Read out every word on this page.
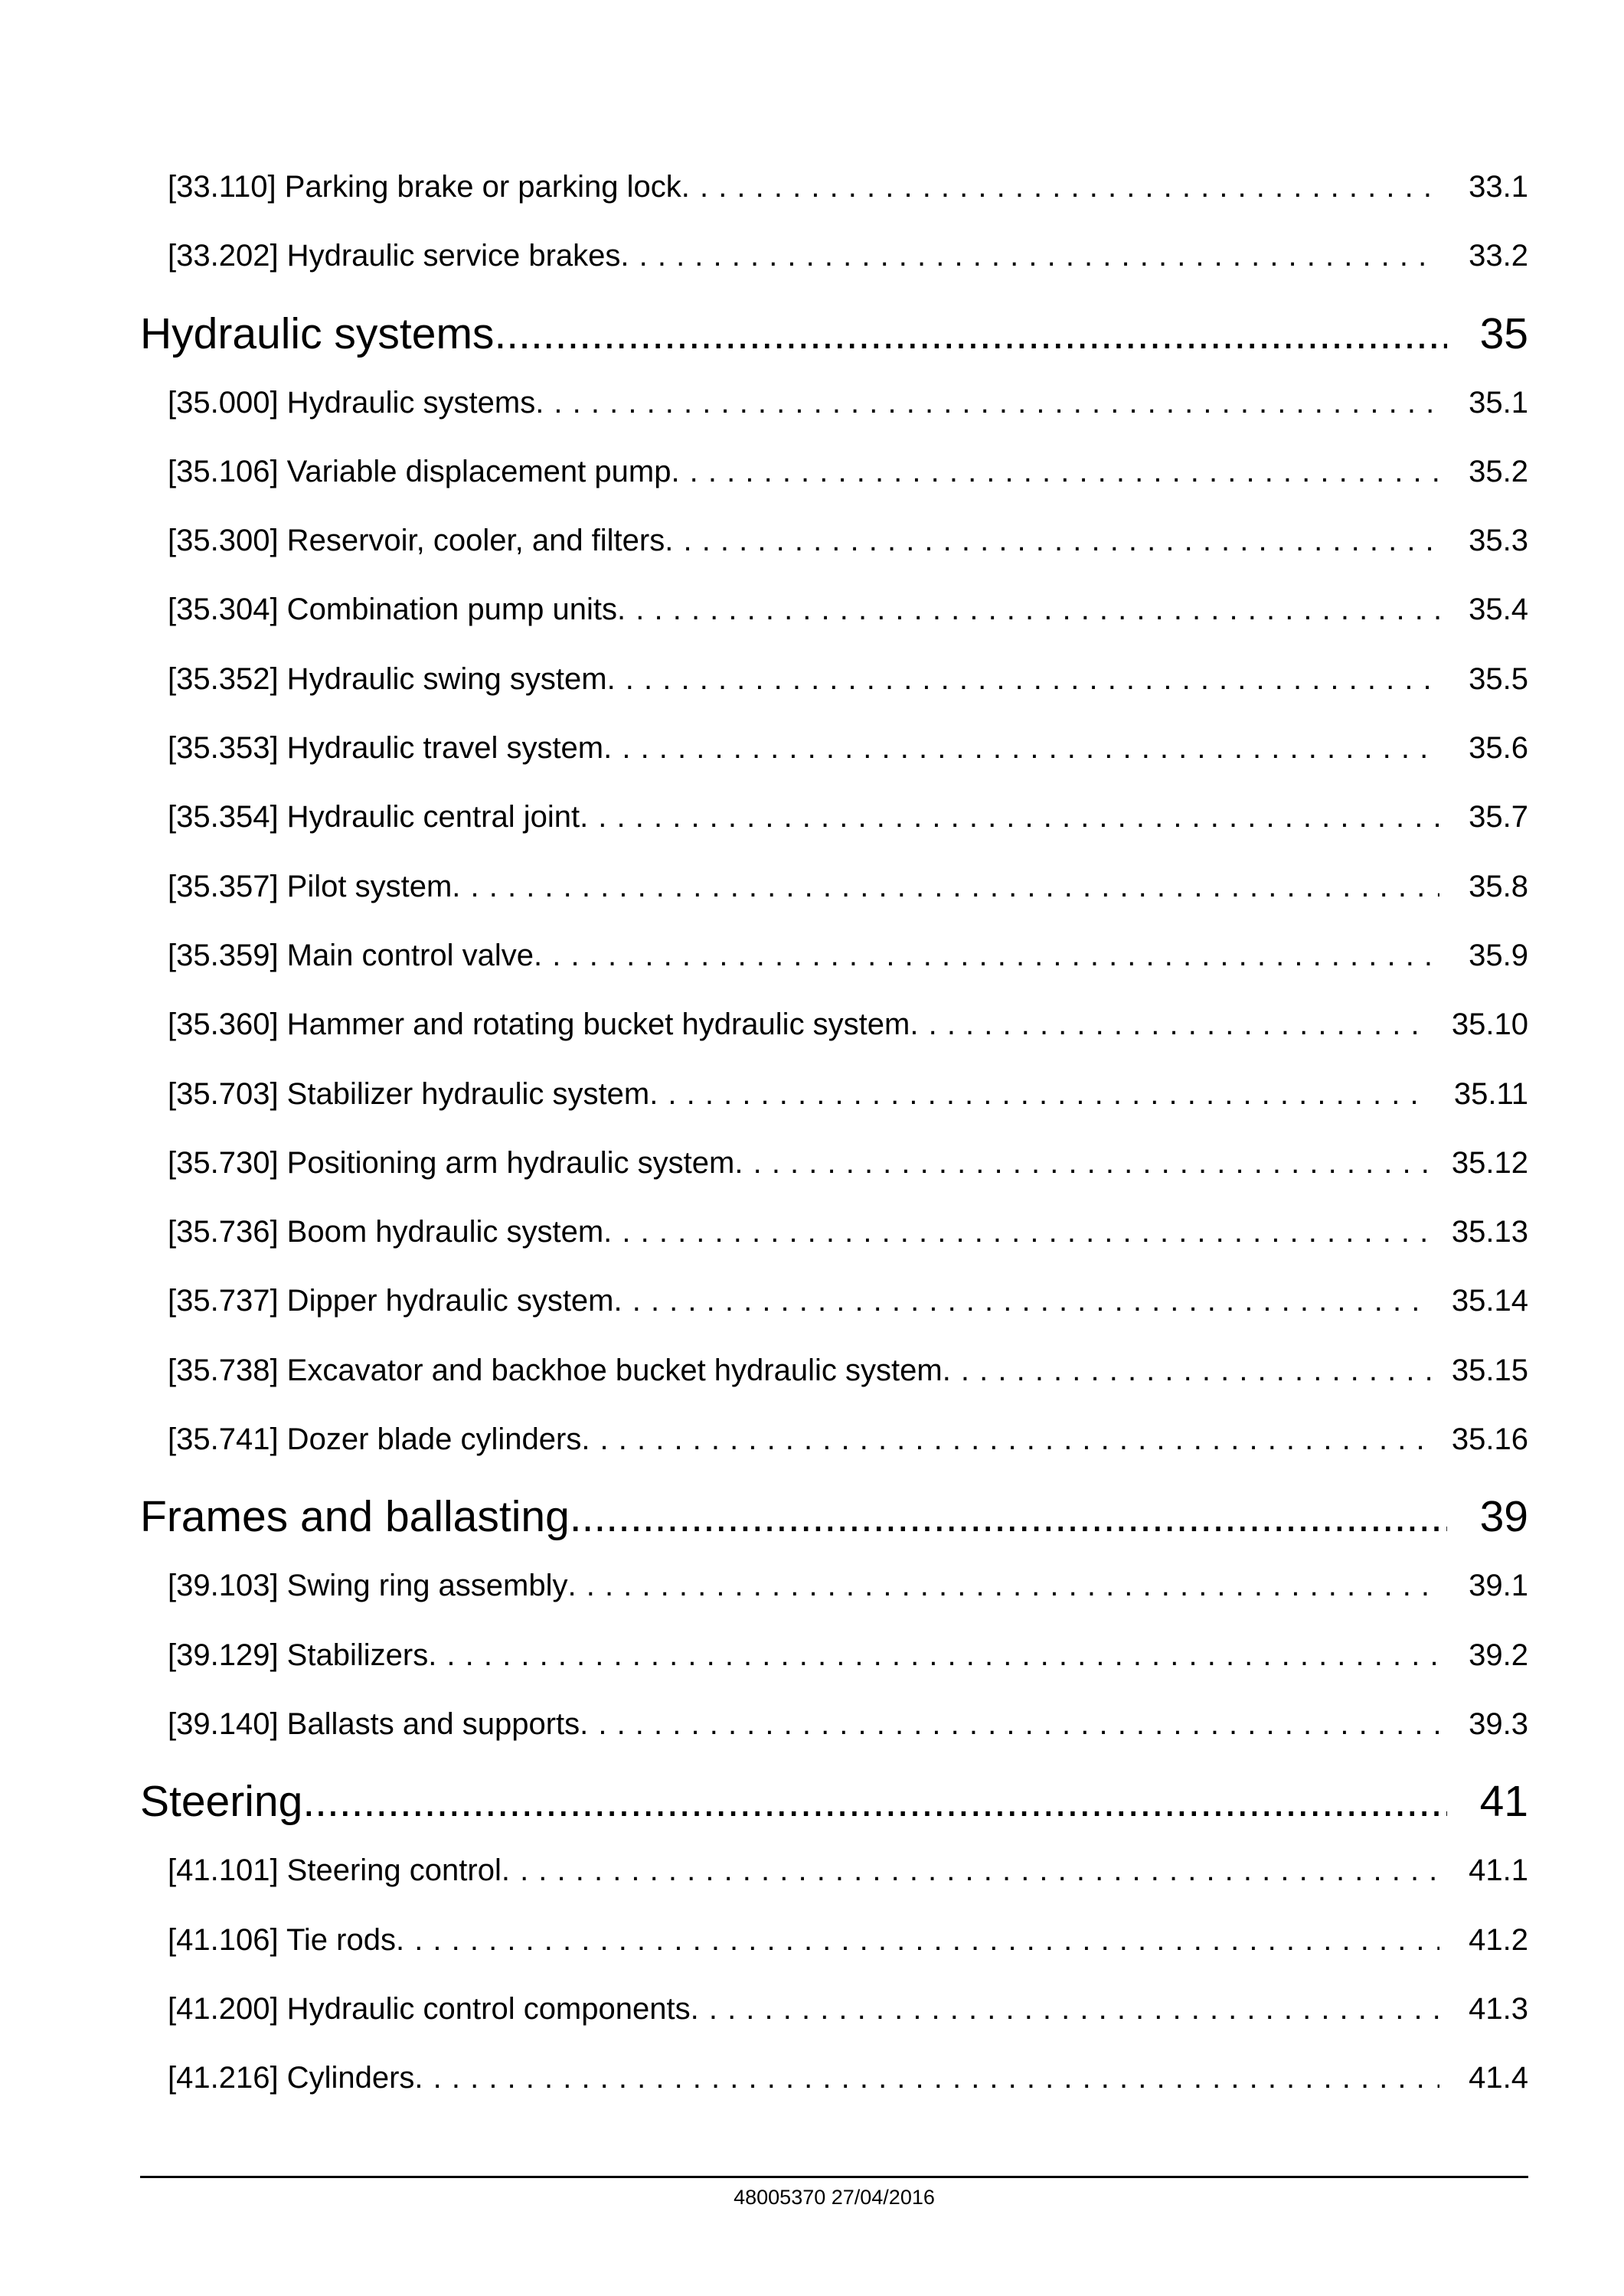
[33.110] Parking brake or parking lock . . .	33.1
[33.202] Hydraulic service brakes . . .	33.2
Hydraulic systems .....	35
[35.000] Hydraulic systems . . .	35.1
[35.106] Variable displacement pump . . .	35.2
[35.300] Reservoir, cooler, and filters . . .	35.3
[35.304] Combination pump units . . .	35.4
[35.352] Hydraulic swing system . . .	35.5
[35.353] Hydraulic travel system . . .	35.6
[35.354] Hydraulic central joint . . .	35.7
[35.357] Pilot system . . .	35.8
[35.359] Main control valve . . .	35.9
[35.360] Hammer and rotating bucket hydraulic system . . .	35.10
[35.703] Stabilizer hydraulic system . . .	35.11
[35.730] Positioning arm hydraulic system . . .	35.12
[35.736] Boom hydraulic system . . .	35.13
[35.737] Dipper hydraulic system . . .	35.14
[35.738] Excavator and backhoe bucket hydraulic system . . .	35.15
[35.741] Dozer blade cylinders . . .	35.16
Frames and ballasting .....	39
[39.103] Swing ring assembly . . .	39.1
[39.129] Stabilizers . . .	39.2
[39.140] Ballasts and supports . . .	39.3
Steering .....	41
[41.101] Steering control . . .	41.1
[41.106] Tie rods . . .	41.2
[41.200] Hydraulic control components . . .	41.3
[41.216] Cylinders . . .	41.4
48005370 27/04/2016
